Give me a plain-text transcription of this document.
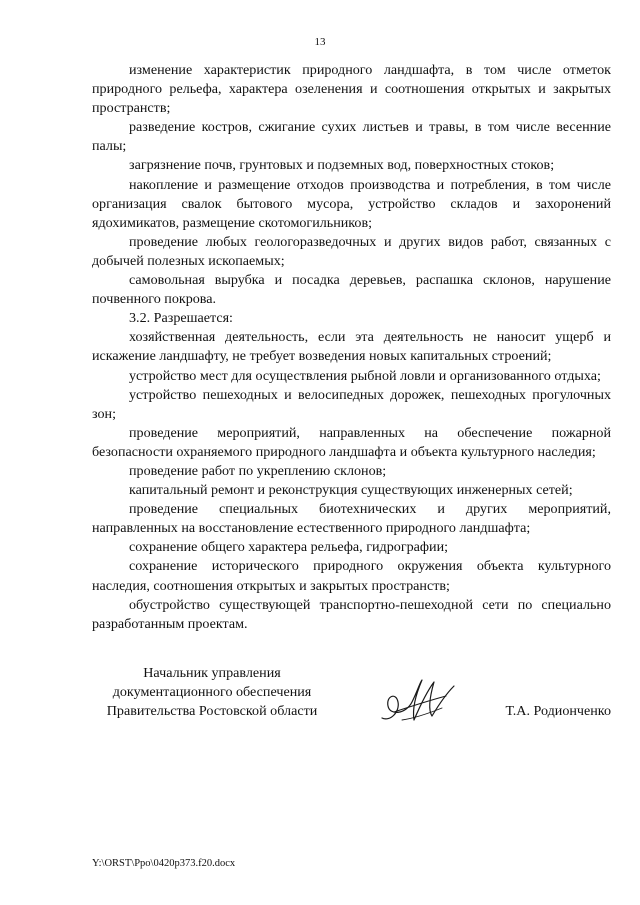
13

изменение характеристик природного ландшафта, в том числе отметок природного рельефа, характера озеленения и соотношения открытых и закрытых пространств;

разведение костров, сжигание сухих листьев и травы, в том числе весенние палы;

загрязнение почв, грунтовых и подземных вод, поверхностных стоков;

накопление и размещение отходов производства и потребления, в том числе организация свалок бытового мусора, устройство складов и захоронений ядохимикатов, размещение скотомогильников;

проведение любых геологоразведочных и других видов работ, связанных с добычей полезных ископаемых;

самовольная вырубка и посадка деревьев, распашка склонов, нарушение почвенного покрова.

3.2. Разрешается:

хозяйственная деятельность, если эта деятельность не наносит ущерб и искажение ландшафту, не требует возведения новых капитальных строений;

устройство мест для осуществления рыбной ловли и организованного отдыха;

устройство пешеходных и велосипедных дорожек, пешеходных прогулочных зон;

проведение мероприятий, направленных на обеспечение пожарной безопасности охраняемого природного ландшафта и объекта культурного наследия;

проведение работ по укреплению склонов;

капитальный ремонт и реконструкция существующих инженерных сетей;

проведение специальных биотехнических и других мероприятий, направленных на восстановление естественного природного ландшафта;

сохранение общего характера рельефа, гидрографии;

сохранение исторического природного окружения объекта культурного наследия, соотношения открытых и закрытых пространств;

обустройство существующей транспортно-пешеходной сети по специально разработанным проектам.

Начальник управления
документационного обеспечения
Правительства Ростовской области	Т.А. Родионченко
Y:\ORST\Ppo\0420p373.f20.docx
